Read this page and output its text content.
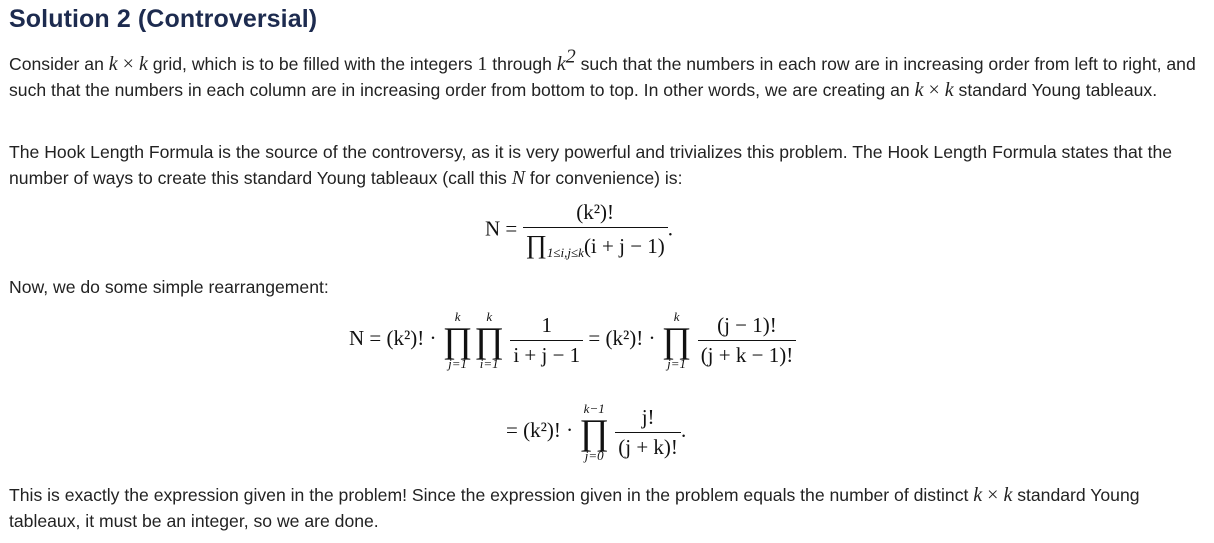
Solution 2 (Controversial)

Consider an k × k grid, which is to be filled with the integers 1 through $k^2$ such that the numbers in each row are in increasing order from left to right, and such that the numbers in each column are in increasing order from bottom to top. In other words, we are creating an k × k standard Young tableaux.

The Hook Length Formula is the source of the controversy, as it is very powerful and trivializes this problem. The Hook Length Formula states that the number of ways to create this standard Young tableaux (call this N for convenience) is:

$N = \frac{\text{(k²)!}}{\prod_{1\le i,j\le k}(i + j - 1)}$ .

Now, we do some simple rearrangement:

N = (k²)! ·
k
∏
j=1
k
∏
i=1
$\frac{1}{i + j - 1} = (k^2)$! ·
k
∏
j=1
$\frac{(j - 1)!}{(j + k - 1)!}$
= (k²)! ·
k−1
∏
j=0
$\frac{j!}{(j + k)!}$ .

This is exactly the expression given in the problem! Since the expression given in the problem equals the number of distinct k × k standard Young tableaux, it must be an integer, so we are done.
